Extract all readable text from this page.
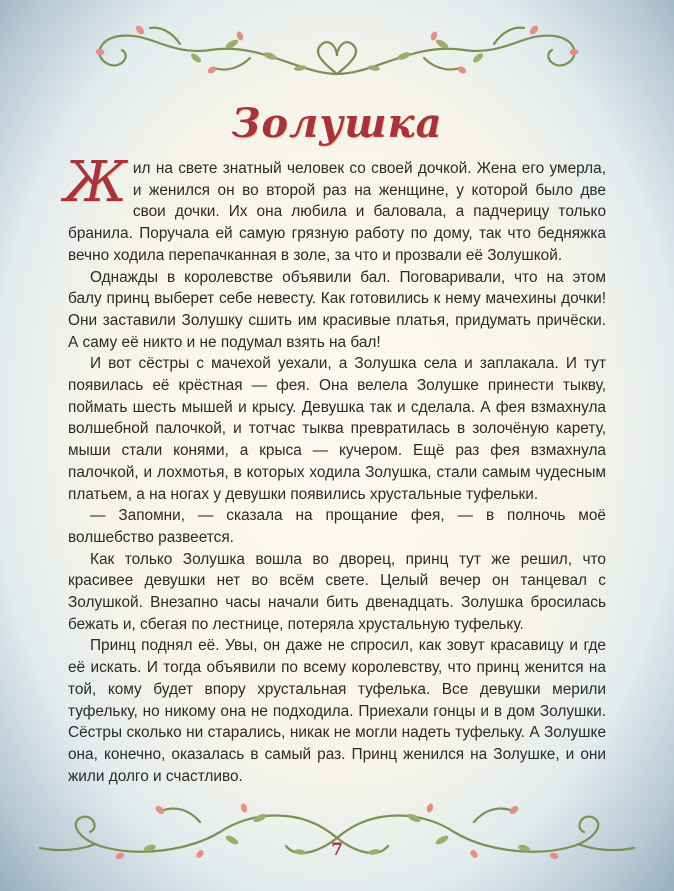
Золушка

Жил на свете знатный человек со своей дочкой. Жена его умерла, и женился он во второй раз на женщине, у которой было две свои дочки. Их она любила и баловала, а падчерицу только бранила. Поручала ей самую грязную работу по дому, так что бедняжка вечно ходила перепачканная в золе, за что и прозвали её Золушкой.

Однажды в королевстве объявили бал. Поговаривали, что на этом балу принц выберет себе невесту. Как готовились к нему мачехины дочки! Они заставили Золушку сшить им красивые платья, придумать причёски. А саму её никто и не подумал взять на бал!

И вот сёстры с мачехой уехали, а Золушка села и заплакала. И тут появилась её крёстная — фея. Она велела Золушке принести тыкву, поймать шесть мышей и крысу. Девушка так и сделала. А фея взмахнула волшебной палочкой, и тотчас тыква превратилась в золочёную карету, мыши стали конями, а крыса — кучером. Ещё раз фея взмахнула палочкой, и лохмотья, в которых ходила Золушка, стали самым чудесным платьем, а на ногах у девушки появились хрустальные туфельки.

— Запомни, — сказала на прощание фея, — в полночь моё волшебство развеется.

Как только Золушка вошла во дворец, принц тут же решил, что красивее девушки нет во всём свете. Целый вечер он танцевал с Золушкой. Внезапно часы начали бить двенадцать. Золушка бросилась бежать и, сбегая по лестнице, потеряла хрустальную туфельку.

Принц поднял её. Увы, он даже не спросил, как зовут красавицу и где её искать. И тогда объявили по всему королевству, что принц женится на той, кому будет впору хрустальная туфелька. Все девушки мерили туфельку, но никому она не подходила. Приехали гонцы и в дом Золушки. Сёстры сколько ни старались, никак не могли надеть туфельку. А Золушке она, конечно, оказалась в самый раз. Принц женился на Золушке, и они жили долго и счастливо.

7
